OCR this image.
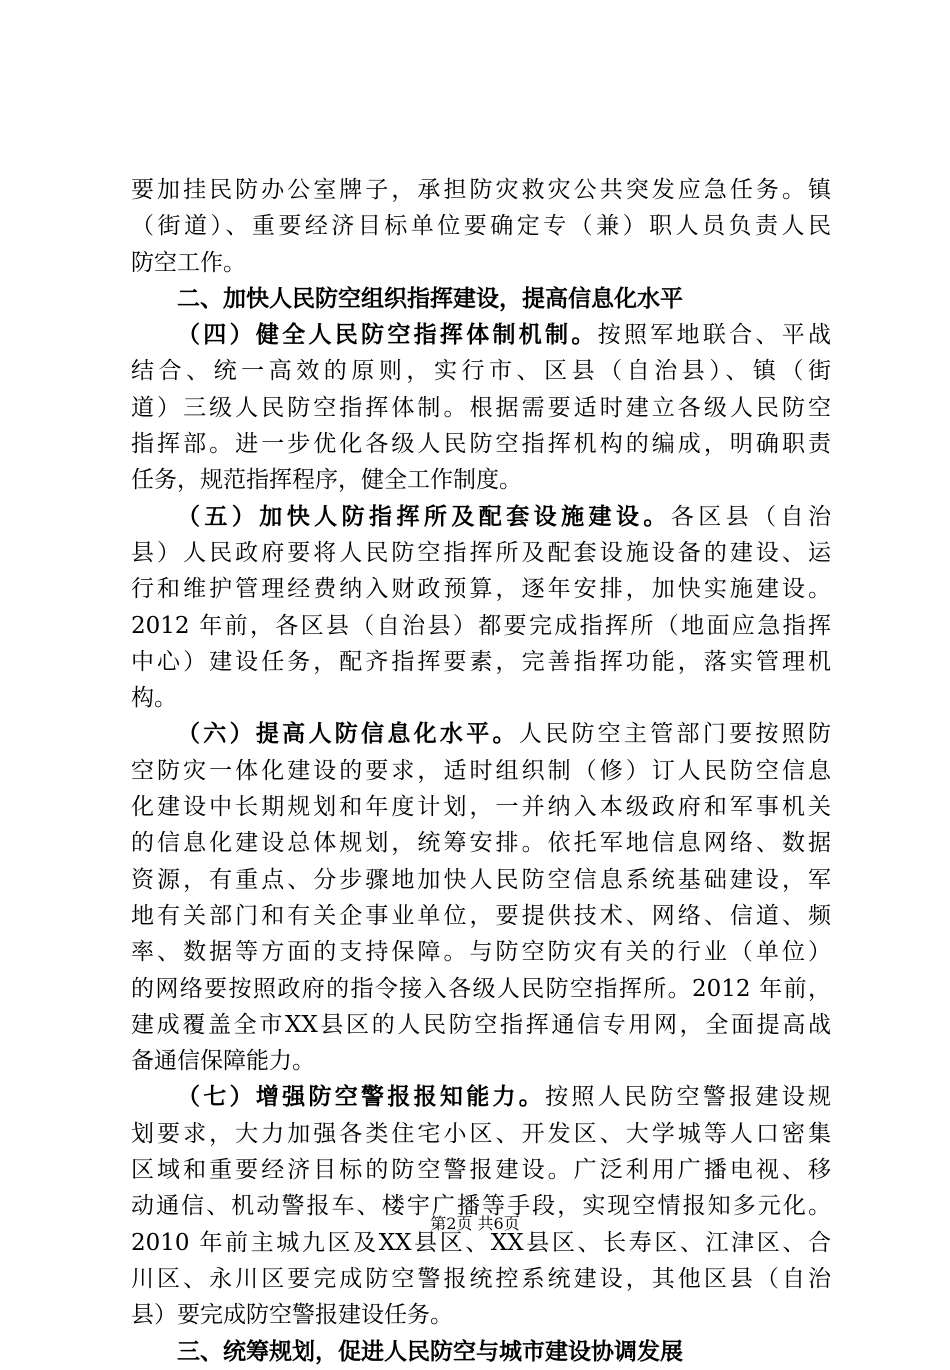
要加挂民防办公室牌子，承担防灾救灾公共突发应急任务。镇
（街道）、重要经济目标单位要确定专（兼）职人员负责人民
防空工作。
二、加快人民防空组织指挥建设，提高信息化水平
（四）健全人民防空指挥体制机制。按照军地联合、平战
结合、统一高效的原则，实行市、区县（自治县）、镇（街
道）三级人民防空指挥体制。根据需要适时建立各级人民防空
指挥部。进一步优化各级人民防空指挥机构的编成，明确职责
任务，规范指挥程序，健全工作制度。
（五）加快人防指挥所及配套设施建设。各区县（自治
县）人民政府要将人民防空指挥所及配套设施设备的建设、运
行和维护管理经费纳入财政预算，逐年安排，加快实施建设。
2012 年前，各区县（自治县）都要完成指挥所（地面应急指挥
中心）建设任务，配齐指挥要素，完善指挥功能，落实管理机
构。
（六）提高人防信息化水平。人民防空主管部门要按照防
空防灾一体化建设的要求，适时组织制（修）订人民防空信息
化建设中长期规划和年度计划，一并纳入本级政府和军事机关
的信息化建设总体规划，统筹安排。依托军地信息网络、数据
资源，有重点、分步骤地加快人民防空信息系统基础建设，军
地有关部门和有关企事业单位，要提供技术、网络、信道、频
率、数据等方面的支持保障。与防空防灾有关的行业（单位）
的网络要按照政府的指令接入各级人民防空指挥所。2012 年前，
建成覆盖全市XX县区的人民防空指挥通信专用网，全面提高战
备通信保障能力。
（七）增强防空警报报知能力。按照人民防空警报建设规
划要求，大力加强各类住宅小区、开发区、大学城等人口密集
区域和重要经济目标的防空警报建设。广泛利用广播电视、移
动通信、机动警报车、楼宇广播等手段，实现空情报知多元化。
2010 年前主城九区及XX县区、XX县区、长寿区、江津区、合
川区、永川区要完成防空警报统控系统建设，其他区县（自治
县）要完成防空警报建设任务。
三、统筹规划，促进人民防空与城市建设协调发展
第2页 共6页
